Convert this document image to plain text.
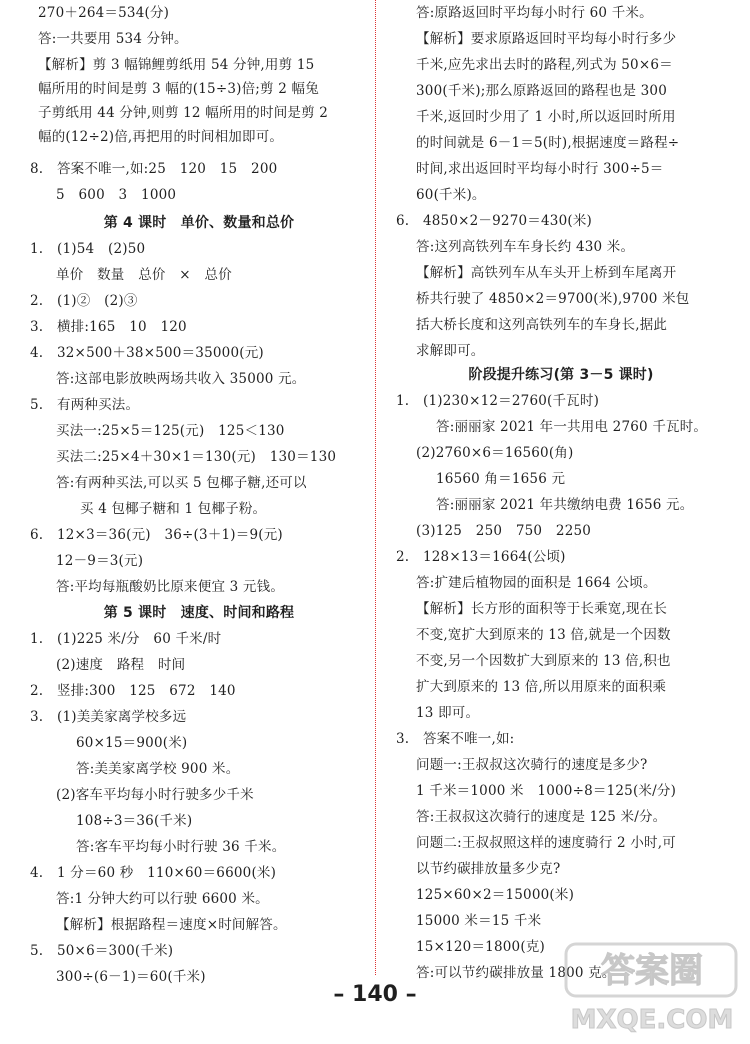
270＋264＝534(分)
答:一共要用 534 分钟。
【解析】剪 3 幅锦鲤剪纸用 54 分钟,用剪 15
幅所用的时间是剪 3 幅的(15÷3)倍;剪 2 幅兔
子剪纸用 44 分钟,则剪 12 幅所用的时间是剪 2
幅的(12÷2)倍,再把用的时间相加即可。
8.　答案不唯一,如:25　120　15　200
5　600　3　1000
第 4 课时　单价、数量和总价
1.　(1)54　(2)50
单价　数量　总价　×　总价
2.　(1)②　(2)③
3.　横排:165　10　120
4.　32×500＋38×500＝35000(元)
答:这部电影放映两场共收入 35000 元。
5.　有两种买法。
买法一:25×5＝125(元)　125＜130
买法二:25×4＋30×1＝130(元)　130＝130
答:有两种买法,可以买 5 包椰子糖,还可以
买 4 包椰子糖和 1 包椰子粉。
6.　12×3＝36(元)　36÷(3＋1)＝9(元)
12－9＝3(元)
答:平均每瓶酸奶比原来便宜 3 元钱。
第 5 课时　速度、时间和路程
1.　(1)225 米/分　60 千米/时
(2)速度　路程　时间
2.　竖排:300　125　672　140
3.　(1)美美家离学校多远
60×15＝900(米)
答:美美家离学校 900 米。
(2)客车平均每小时行驶多少千米
108÷3＝36(千米)
答:客车平均每小时行驶 36 千米。
4.　1 分＝60 秒　110×60＝6600(米)
答:1 分钟大约可以行驶 6600 米。
【解析】根据路程＝速度×时间解答。
5.　50×6＝300(千米)
300÷(6－1)＝60(千米)
答:原路返回时平均每小时行 60 千米。
【解析】要求原路返回时平均每小时行多少
千米,应先求出去时的路程,列式为 50×6＝
300(千米);那么原路返回的路程也是 300
千米,返回时少用了 1 小时,所以返回时所用
的时间就是 6－1＝5(时),根据速度＝路程÷
时间,求出返回时平均每小时行 300÷5＝
60(千米)。
6.　4850×2－9270＝430(米)
答:这列高铁列车车身长约 430 米。
【解析】高铁列车从车头开上桥到车尾离开
桥共行驶了 4850×2＝9700(米),9700 米包
括大桥长度和这列高铁列车的车身长,据此
求解即可。
阶段提升练习(第 3－5 课时)
1.　(1)230×12＝2760(千瓦时)
答:丽丽家 2021 年一共用电 2760 千瓦时。
(2)2760×6＝16560(角)
16560 角＝1656 元
答:丽丽家 2021 年共缴纳电费 1656 元。
(3)125　250　750　2250
2.　128×13＝1664(公顷)
答:扩建后植物园的面积是 1664 公顷。
【解析】长方形的面积等于长乘宽,现在长
不变,宽扩大到原来的 13 倍,就是一个因数
不变,另一个因数扩大到原来的 13 倍,积也
扩大到原来的 13 倍,所以用原来的面积乘
13 即可。
3.　答案不唯一,如:
问题一:王叔叔这次骑行的速度是多少?
1 千米＝1000 米　1000÷8＝125(米/分)
答:王叔叔这次骑行的速度是 125 米/分。
问题二:王叔叔照这样的速度骑行 2 小时,可
以节约碳排放量多少克?
125×60×2＝15000(米)
15000 米＝15 千米
15×120＝1800(克)
答:可以节约碳排放量 1800 克。
– 140 –
答案圈
MXQE.COM
